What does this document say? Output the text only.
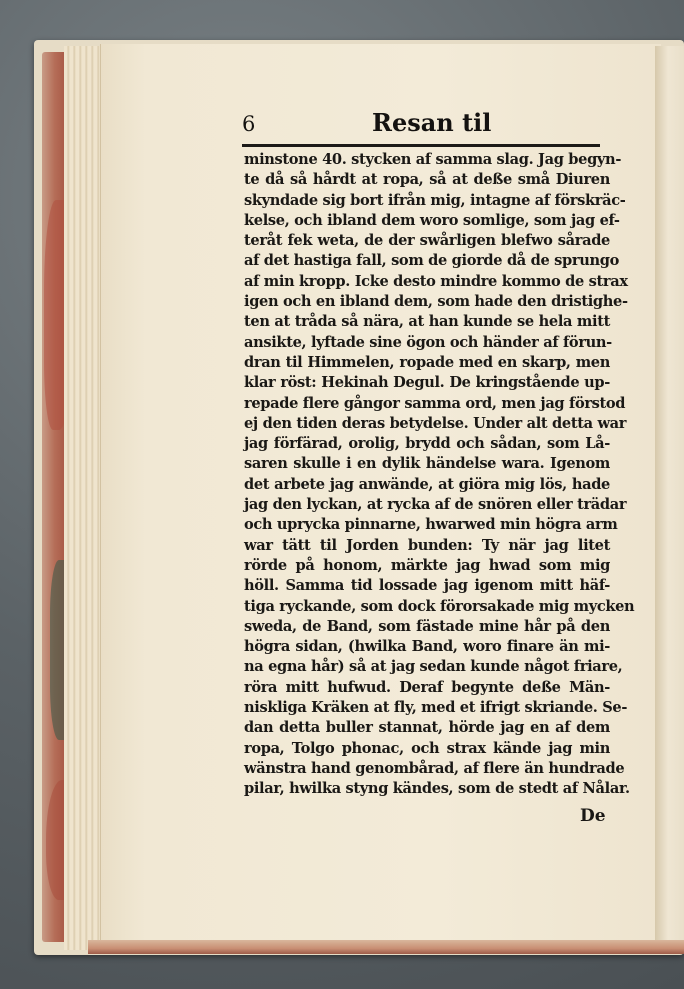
6	Resan til
minstone 40. stycken af samma slag. Jag begyn-
te då så hårdt at ropa, så at deße små Diuren
skyndade sig bort ifrån mig, intagne af förskräc-
kelse, och ibland dem woro somlige, som jag ef-
teråt fek weta, de der swårligen blefwo sårade
af det hastiga fall, som de giorde då de sprungo
af min kropp. Icke desto mindre kommo de strax
igen och en ibland dem, som hade den dristighe-
ten at tråda så nära, at han kunde se hela mitt
ansikte, lyftade sine ögon och händer af förun-
dran til Himmelen, ropade med en skarp, men
klar röst: Hekinah Degul. De kringstående up-
repade flere gångor samma ord, men jag förstod
ej den tiden deras betydelse. Under alt detta war
jag förfärad, orolig, brydd och sådan, som Lå-
saren skulle i en dylik händelse wara. Igenom
det arbete jag anwände, at giöra mig lös, hade
jag den lyckan, at rycka af de snören eller trädar
och uprycka pinnarne, hwarwed min högra arm
war tätt til Jorden bunden: Ty när jag litet
rörde på honom, märkte jag hwad som mig
höll. Samma tid lossade jag igenom mitt häf-
tiga ryckande, som dock förorsakade mig mycken
sweda, de Band, som fästade mine hår på den
högra sidan, (hwilka Band, woro finare än mi-
na egna hår) så at jag sedan kunde något friare,
röra mitt hufwud. Deraf begynte deße Män-
niskliga Kräken at fly, med et ifrigt skriande. Se-
dan detta buller stannat, hörde jag en af dem
ropa, Tolgo phonac, och strax kände jag min
wänstra hand genombårad, af flere än hundrade
pilar, hwilka styng kändes, som de stedt af Nålar.
De
